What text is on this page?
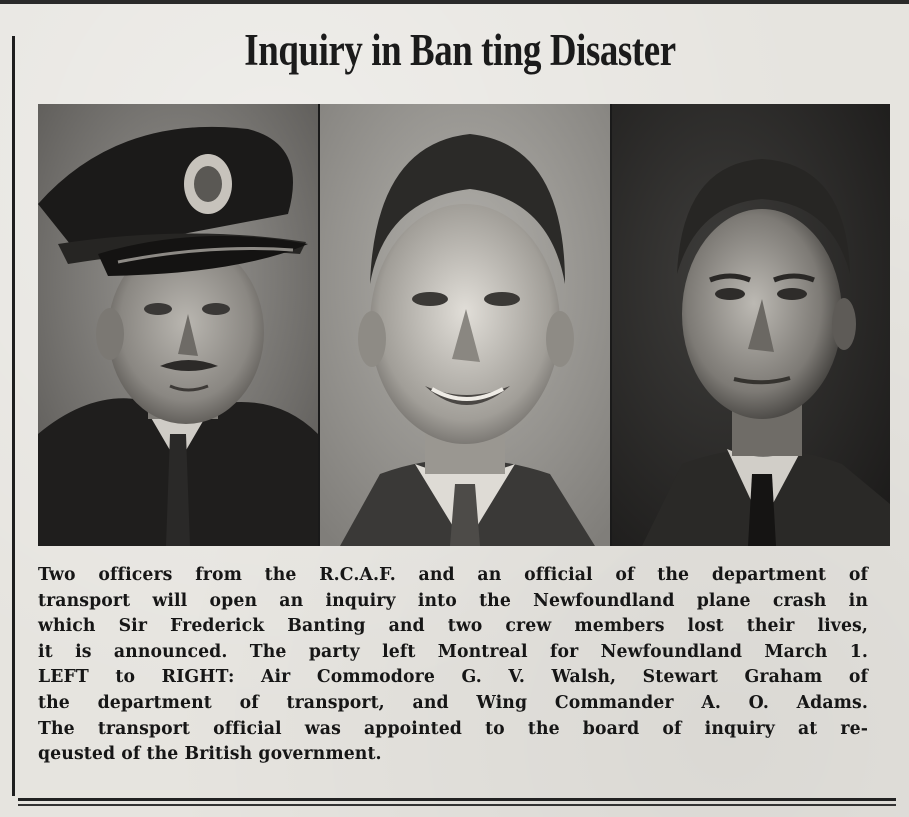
Inquiry in Ban ting Disaster
Two officers from the R.C.A.F. and an official of the department of
transport will open an inquiry into the Newfoundland plane crash in
which Sir Frederick Banting and two crew members lost their lives,
it is announced. The party left Montreal for Newfoundland March 1.
LEFT to RIGHT: Air Commodore G. V. Walsh, Stewart Graham of
the department of transport, and Wing Commander A. O. Adams.
The transport official was appointed to the board of inquiry at re-
qeusted of the British government.
